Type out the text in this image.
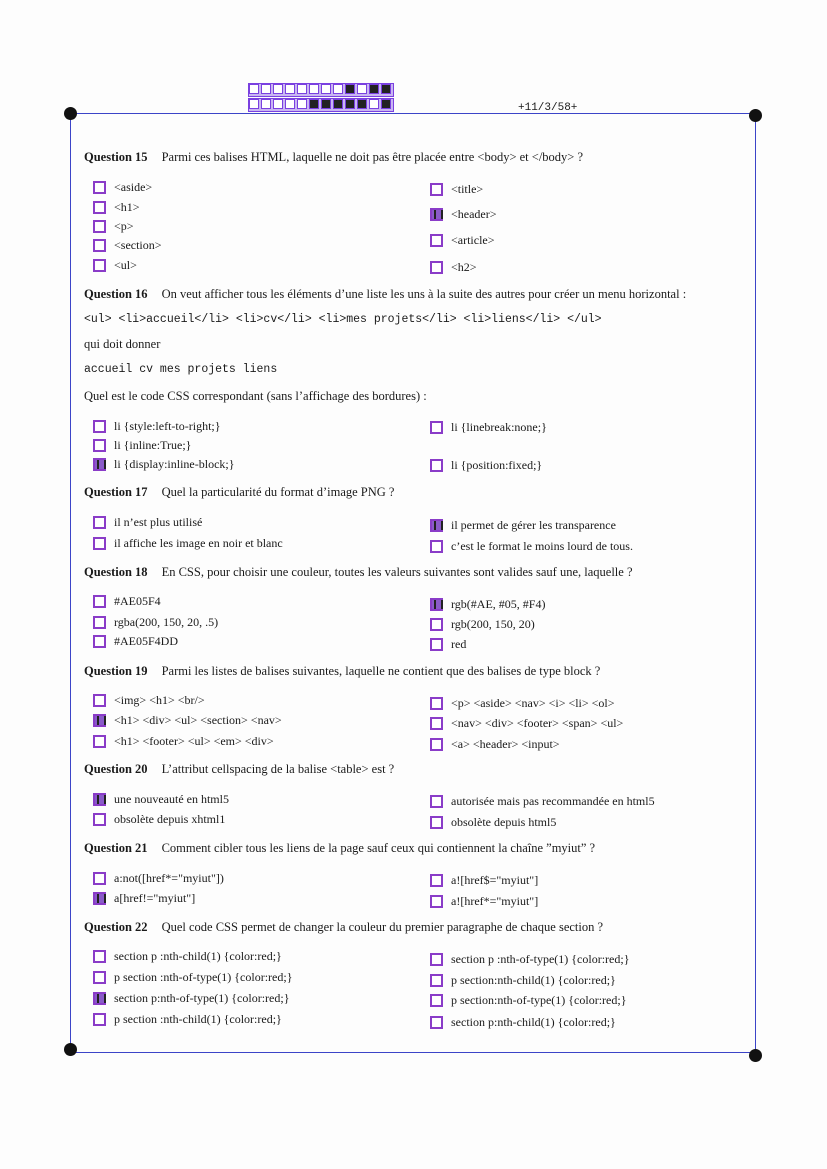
+11/3/58+
Question 15 Parmi ces balises HTML, laquelle ne doit pas être placée entre <body> et </body> ?
<aside>
<h1>
<p>
<section>
<ul>
<title>
<header>
<article>
<h2>
Question 16 On veut afficher tous les éléments d’une liste les uns à la suite des autres pour créer un menu horizontal :
<ul> <li>accueil</li> <li>cv</li> <li>mes projets</li> <li>liens</li> </ul>
qui doit donner
accueil cv mes projets liens
Quel est le code CSS correspondant (sans l’affichage des bordures) :
li {style:left-to-right;}
li {inline:True;}
li {display:inline-block;}
li {linebreak:none;}
li {position:fixed;}
Question 17 Quel la particularité du format d’image PNG ?
il n’est plus utilisé
il affiche les image en noir et blanc
il permet de gérer les transparence
c’est le format le moins lourd de tous.
Question 18 En CSS, pour choisir une couleur, toutes les valeurs suivantes sont valides sauf une, laquelle ?
#AE05F4
rgba(200, 150, 20, .5)
#AE05F4DD
rgb(#AE, #05, #F4)
rgb(200, 150, 20)
red
Question 19 Parmi les listes de balises suivantes, laquelle ne contient que des balises de type block ?
<img> <h1> <br/>
<h1> <div> <ul> <section> <nav>
<h1> <footer> <ul> <em> <div>
<p> <aside> <nav> <i> <li> <ol>
<nav> <div> <footer> <span> <ul>
<a> <header> <input>
Question 20 L’attribut cellspacing de la balise <table> est ?
une nouveauté en html5
obsolète depuis xhtml1
autorisée mais pas recommandée en html5
obsolète depuis html5
Question 21 Comment cibler tous les liens de la page sauf ceux qui contiennent la chaîne ”myiut” ?
a:not([href*="myiut"])
a[href!="myiut"]
a![href$="myiut"]
a![href*="myiut"]
Question 22 Quel code CSS permet de changer la couleur du premier paragraphe de chaque section ?
section p :nth-child(1) {color:red;}
p section :nth-of-type(1) {color:red;}
section p:nth-of-type(1) {color:red;}
p section :nth-child(1) {color:red;}
section p :nth-of-type(1) {color:red;}
p section:nth-child(1) {color:red;}
p section:nth-of-type(1) {color:red;}
section p:nth-child(1) {color:red;}
